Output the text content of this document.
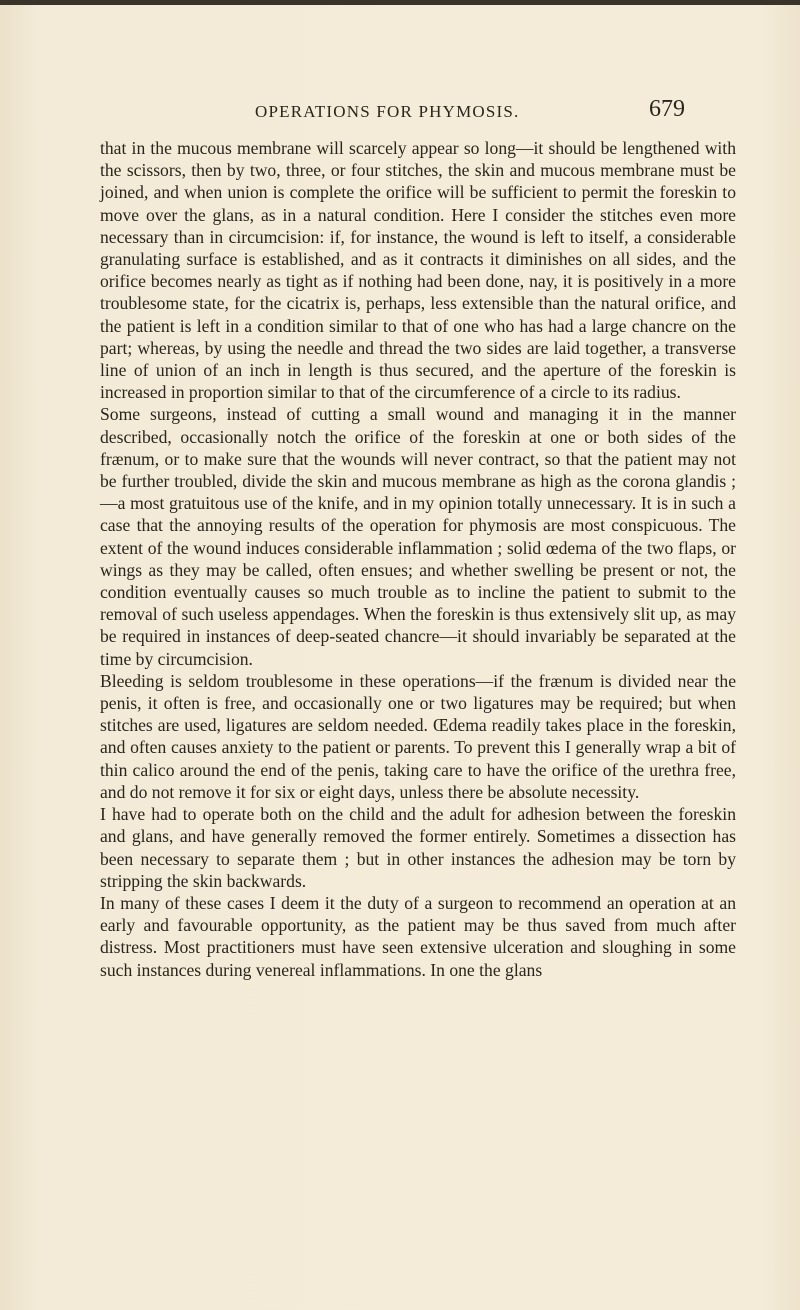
OPERATIONS FOR PHYMOSIS.	679

that in the mucous membrane will scarcely appear so long—it should be lengthened with the scissors, then by two, three, or four stitches, the skin and mucous membrane must be joined, and when union is complete the orifice will be sufficient to permit the foreskin to move over the glans, as in a natural condition. Here I consider the stitches even more necessary than in circumcision: if, for instance, the wound is left to itself, a considerable granulating surface is established, and as it contracts it diminishes on all sides, and the orifice becomes nearly as tight as if nothing had been done, nay, it is positively in a more troublesome state, for the cicatrix is, perhaps, less extensible than the natural orifice, and the patient is left in a condition similar to that of one who has had a large chancre on the part; whereas, by using the needle and thread the two sides are laid together, a transverse line of union of an inch in length is thus secured, and the aperture of the foreskin is increased in proportion similar to that of the circumference of a circle to its radius.

Some surgeons, instead of cutting a small wound and managing it in the manner described, occasionally notch the orifice of the foreskin at one or both sides of the frænum, or to make sure that the wounds will never contract, so that the patient may not be further troubled, divide the skin and mucous membrane as high as the corona glandis ;—a most gratuitous use of the knife, and in my opinion totally unnecessary. It is in such a case that the annoying results of the operation for phymosis are most conspicuous. The extent of the wound induces considerable inflammation ; solid œdema of the two flaps, or wings as they may be called, often ensues; and whether swelling be present or not, the condition eventually causes so much trouble as to incline the patient to submit to the removal of such useless appendages. When the foreskin is thus extensively slit up, as may be required in instances of deep-seated chancre—it should invariably be separated at the time by circumcision.

Bleeding is seldom troublesome in these operations—if the frænum is divided near the penis, it often is free, and occasionally one or two ligatures may be required; but when stitches are used, ligatures are seldom needed. Œdema readily takes place in the foreskin, and often causes anxiety to the patient or parents. To prevent this I generally wrap a bit of thin calico around the end of the penis, taking care to have the orifice of the urethra free, and do not remove it for six or eight days, unless there be absolute necessity.

I have had to operate both on the child and the adult for adhesion between the foreskin and glans, and have generally removed the former entirely. Sometimes a dissection has been necessary to separate them ; but in other instances the adhesion may be torn by stripping the skin backwards.

In many of these cases I deem it the duty of a surgeon to recommend an operation at an early and favourable opportunity, as the patient may be thus saved from much after distress. Most practitioners must have seen extensive ulceration and sloughing in some such instances during venereal inflammations. In one the glans
